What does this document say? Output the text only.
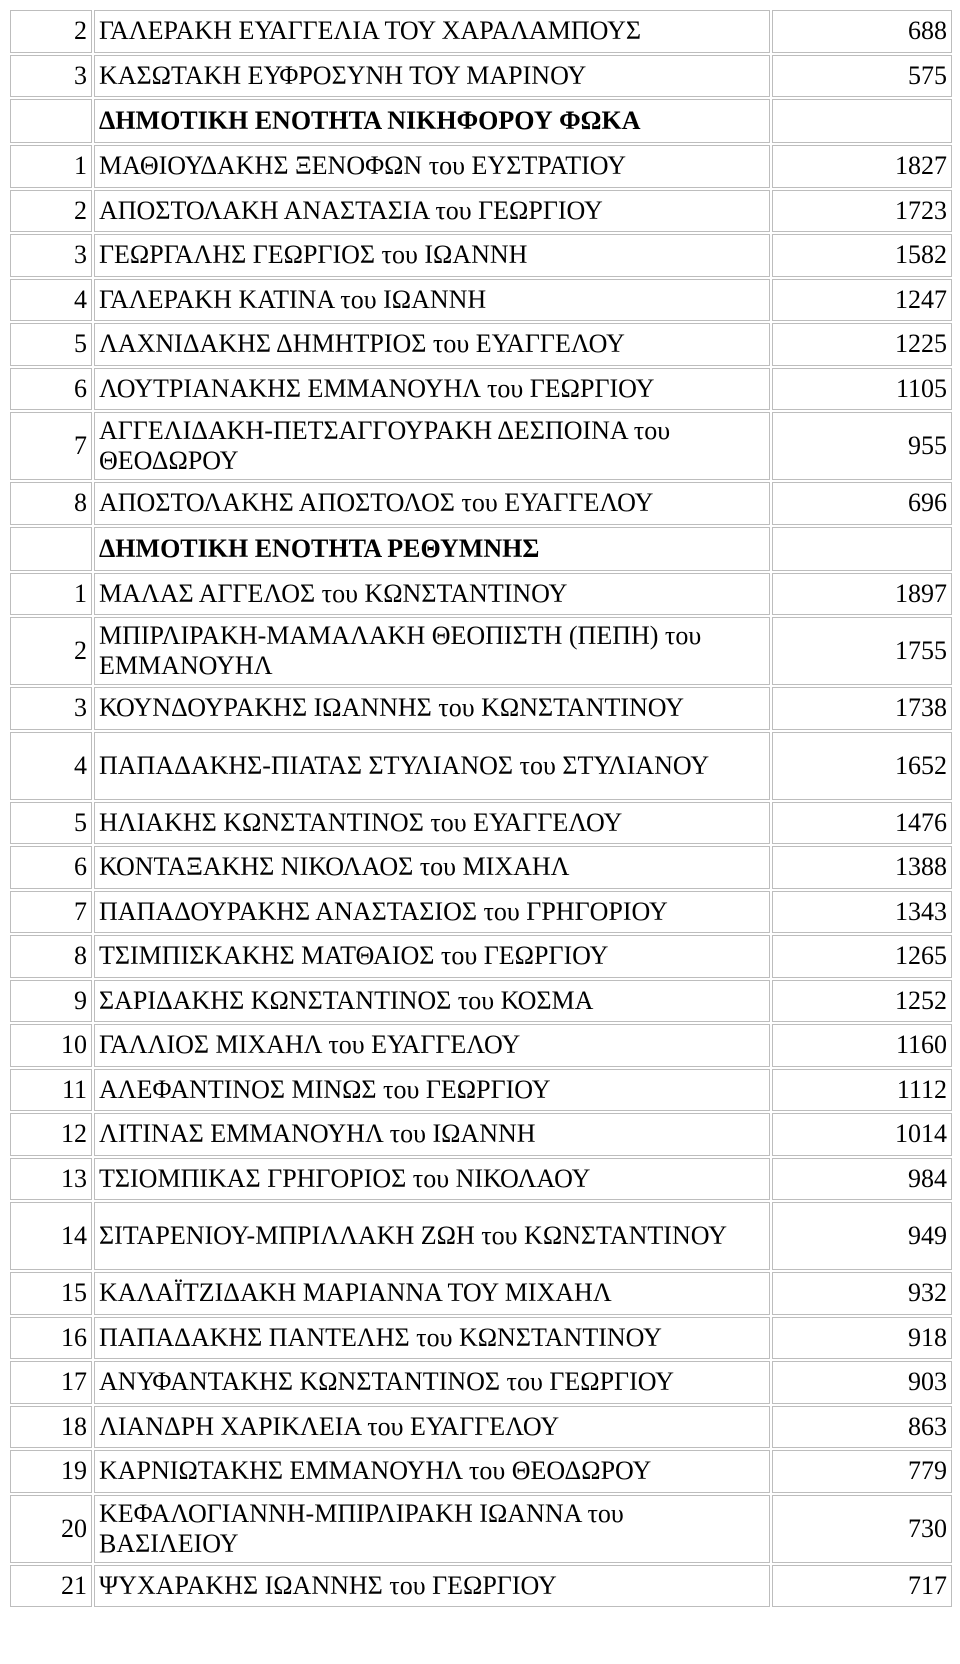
2	ΓΑΛΕΡΑΚΗ ΕΥΑΓΓΕΛΙΑ ΤΟΥ ΧΑΡΑΛΑΜΠΟΥΣ	688
3	ΚΑΣΩΤΑΚΗ ΕΥΦΡΟΣΥΝΗ ΤΟΥ ΜΑΡΙΝΟΥ	575
	ΔΗΜΟΤΙΚΗ ΕΝΟΤΗΤΑ ΝΙΚΗΦΟΡΟΥ ΦΩΚΑ	
1	ΜΑΘΙΟΥΔΑΚΗΣ ΞΕΝΟΦΩΝ του ΕΥΣΤΡΑΤΙΟΥ	1827
2	ΑΠΟΣΤΟΛΑΚΗ ΑΝΑΣΤΑΣΙΑ του ΓΕΩΡΓΙΟΥ	1723
3	ΓΕΩΡΓΑΛΗΣ ΓΕΩΡΓΙΟΣ του ΙΩΑΝΝΗ	1582
4	ΓΑΛΕΡΑΚΗ ΚΑΤΙΝΑ του ΙΩΑΝΝΗ	1247
5	ΛΑΧΝΙΔΑΚΗΣ ΔΗΜΗΤΡΙΟΣ του ΕΥΑΓΓΕΛΟΥ	1225
6	ΛΟΥΤΡΙΑΝΑΚΗΣ ΕΜΜΑΝΟΥΗΛ του ΓΕΩΡΓΙΟΥ	1105
7	ΑΓΓΕΛΙΔΑΚΗ-ΠΕΤΣΑΓΓΟΥΡΑΚΗ ΔΕΣΠΟΙΝΑ του ΘΕΟΔΩΡΟΥ	955
8	ΑΠΟΣΤΟΛΑΚΗΣ ΑΠΟΣΤΟΛΟΣ του ΕΥΑΓΓΕΛΟΥ	696
	ΔΗΜΟΤΙΚΗ ΕΝΟΤΗΤΑ ΡΕΘΥΜΝΗΣ	
1	ΜΑΛΑΣ ΑΓΓΕΛΟΣ του ΚΩΝΣΤΑΝΤΙΝΟΥ	1897
2	ΜΠΙΡΛΙΡΑΚΗ-ΜΑΜΑΛΑΚΗ ΘΕΟΠΙΣΤΗ (ΠΕΠΗ) του ΕΜΜΑΝΟΥΗΛ	1755
3	ΚΟΥΝΔΟΥΡΑΚΗΣ ΙΩΑΝΝΗΣ του ΚΩΝΣΤΑΝΤΙΝΟΥ	1738
4	ΠΑΠΑΔΑΚΗΣ-ΠΙΑΤΑΣ ΣΤΥΛΙΑΝΟΣ του ΣΤΥΛΙΑΝΟΥ	1652
5	ΗΛΙΑΚΗΣ ΚΩΝΣΤΑΝΤΙΝΟΣ του ΕΥΑΓΓΕΛΟΥ	1476
6	ΚΟΝΤΑΞΑΚΗΣ ΝΙΚΟΛΑΟΣ του ΜΙΧΑΗΛ	1388
7	ΠΑΠΑΔΟΥΡΑΚΗΣ ΑΝΑΣΤΑΣΙΟΣ του ΓΡΗΓΟΡΙΟΥ	1343
8	ΤΣΙΜΠΙΣΚΑΚΗΣ ΜΑΤΘΑΙΟΣ του ΓΕΩΡΓΙΟΥ	1265
9	ΣΑΡΙΔΑΚΗΣ ΚΩΝΣΤΑΝΤΙΝΟΣ του ΚΟΣΜΑ	1252
10	ΓΑΛΛΙΟΣ ΜΙΧΑΗΛ του ΕΥΑΓΓΕΛΟΥ	1160
11	ΑΛΕΦΑΝΤΙΝΟΣ ΜΙΝΩΣ του ΓΕΩΡΓΙΟΥ	1112
12	ΛΙΤΙΝΑΣ ΕΜΜΑΝΟΥΗΛ του ΙΩΑΝΝΗ	1014
13	ΤΣΙΟΜΠΙΚΑΣ ΓΡΗΓΟΡΙΟΣ του ΝΙΚΟΛΑΟΥ	984
14	ΣΙΤΑΡΕΝΙΟΥ-ΜΠΡΙΛΛΑΚΗ ΖΩΗ του ΚΩΝΣΤΑΝΤΙΝΟΥ	949
15	ΚΑΛΑΪΤΖΙΔΑΚΗ ΜΑΡΙΑΝΝΑ ΤΟΥ ΜΙΧΑΗΛ	932
16	ΠΑΠΑΔΑΚΗΣ ΠΑΝΤΕΛΗΣ του ΚΩΝΣΤΑΝΤΙΝΟΥ	918
17	ΑΝΥΦΑΝΤΑΚΗΣ ΚΩΝΣΤΑΝΤΙΝΟΣ του ΓΕΩΡΓΙΟΥ	903
18	ΛΙΑΝΔΡΗ ΧΑΡΙΚΛΕΙΑ του ΕΥΑΓΓΕΛΟΥ	863
19	ΚΑΡΝΙΩΤΑΚΗΣ ΕΜΜΑΝΟΥΗΛ του ΘΕΟΔΩΡΟΥ	779
20	ΚΕΦΑΛΟΓΙΑΝΝΗ-ΜΠΙΡΛΙΡΑΚΗ ΙΩΑΝΝΑ του ΒΑΣΙΛΕΙΟΥ	730
21	ΨΥΧΑΡΑΚΗΣ ΙΩΑΝΝΗΣ του ΓΕΩΡΓΙΟΥ	717
